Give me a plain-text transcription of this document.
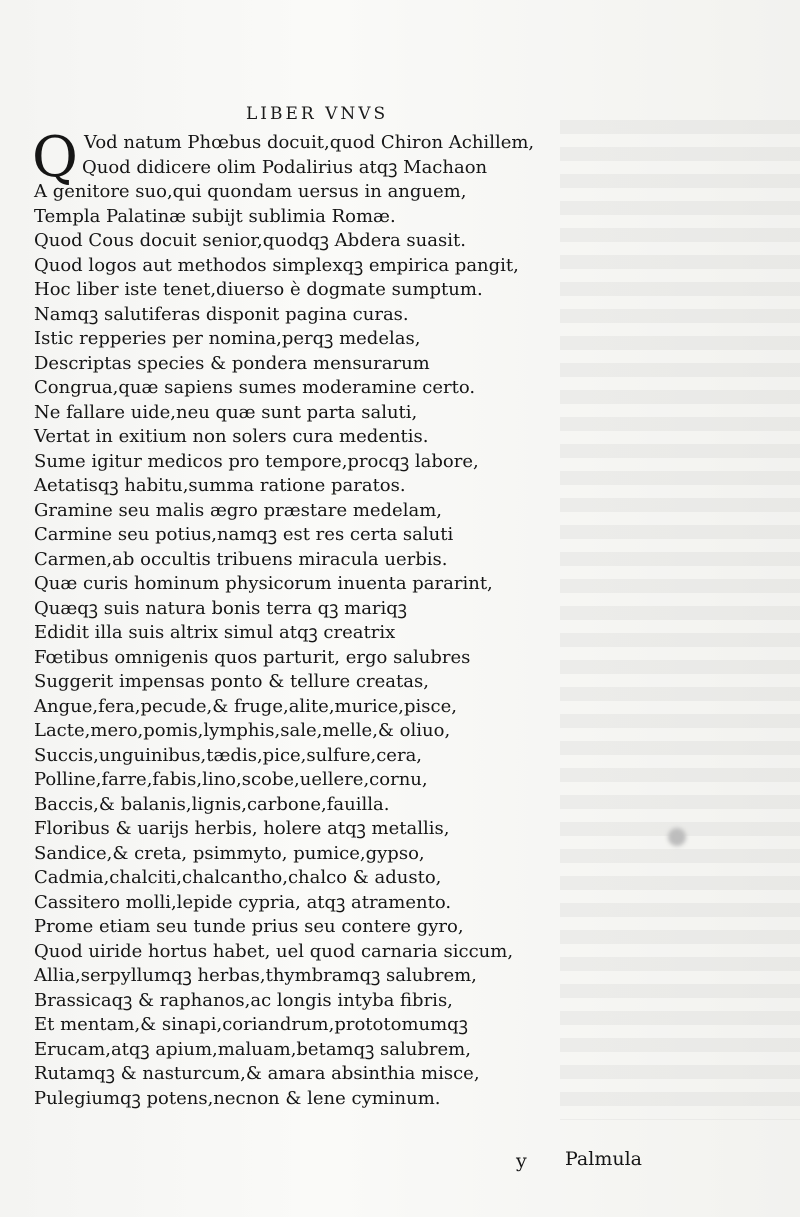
LIBER VNVS
Q Vod natum Phœbus docuit,quod Chiron Achillem,
Quod didicere olim Podalirius atqꝫ Machaon
A genitore suo,qui quondam uersus in anguem,
Templa Palatinæ subijt sublimia Romæ.
Quod Cous docuit senior,quodqꝫ Abdera suasit.
Quod logos aut methodos simplexqꝫ empirica pangit,
Hoc liber iste tenet,diuerso è dogmate sumptum.
Namqꝫ salutiferas disponit pagina curas.
Istic repperies per nomina,perqꝫ medelas,
Descriptas species & pondera mensurarum
Congrua,quæ sapiens sumes moderamine certo.
Ne fallare uide,neu quæ sunt parta saluti,
Vertat in exitium non solers cura medentis.
Sume igitur medicos pro tempore,procqꝫ labore,
Aetatisqꝫ habitu,summa ratione paratos.
Gramine seu malis ægro præstare medelam,
Carmine seu potius,namqꝫ est res certa saluti
Carmen,ab occultis tribuens miracula uerbis.
Quæ curis hominum physicorum inuenta pararint,
Quæqꝫ suis natura bonis terra qꝫ mariqꝫ
Edidit illa suis altrix simul atqꝫ creatrix
Fœtibus omnigenis quos parturit, ergo salubres
Suggerit impensas ponto & tellure creatas,
Angue,fera,pecude,& fruge,alite,murice,pisce,
Lacte,mero,pomis,lymphis,sale,melle,& oliuo,
Succis,unguinibus,tædis,pice,sulfure,cera,
Polline,farre,fabis,lino,scobe,uellere,cornu,
Baccis,& balanis,lignis,carbone,fauilla.
Floribus & uarijs herbis, holere atqꝫ metallis,
Sandice,& creta, psimmyto, pumice,gypso,
Cadmia,chalciti,chalcantho,chalco & adusto,
Cassitero molli,lepide cypria, atqꝫ atramento.
Prome etiam seu tunde prius seu contere gyro,
Quod uiride hortus habet, uel quod carnaria siccum,
Allia,serpyllumqꝫ herbas,thymbramqꝫ salubrem,
Brassicaqꝫ & raphanos,ac longis intyba fibris,
Et mentam,& sinapi,coriandrum,prototomumqꝫ
Erucam,atqꝫ apium,maluam,betamqꝫ salubrem,
Rutamqꝫ & nasturcum,& amara absinthia misce,
Pulegiumqꝫ potens,necnon & lene cyminum.
y Palmula
